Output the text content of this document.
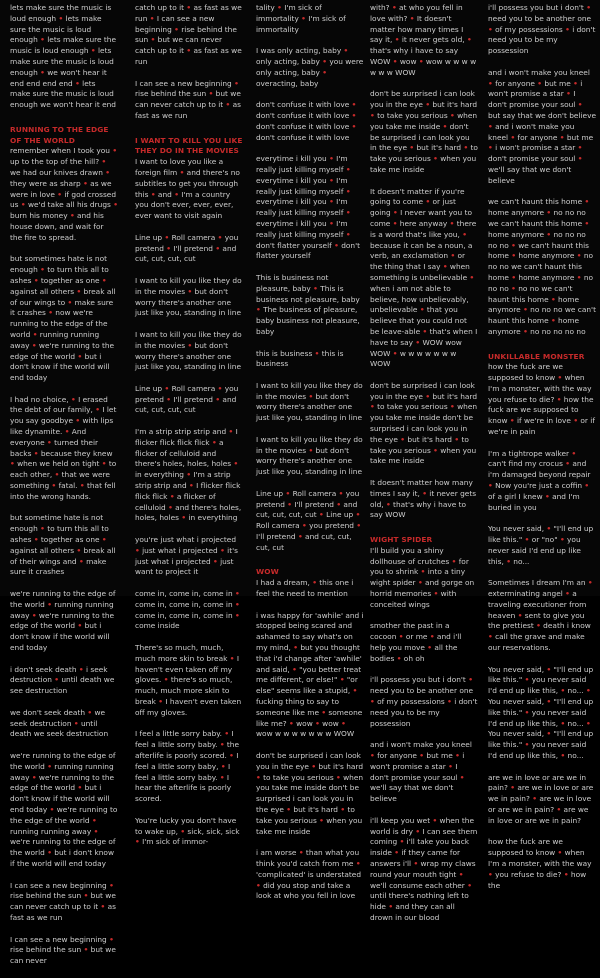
lets make sure the music is loud enough • lets make sure the music is loud enough • lets make sure the music is loud enough • lets make sure the music is loud enough • we won't hear it end end end end • lets make sure the music is loud enough we won't hear it end

RUNNING TO THE EDGE OF THE WORLD
remember when I took you • up to the top of the hill? • we had our knives drawn • they were as sharp • as we were in love • if god crossed us • we'd take all his drugs • burn his money • and his house down, and wait for the fire to spread.

but sometimes hate is not enough • to turn this all to ashes • together as one • against all others • break all of our wings to • make sure it crashes • now we're running to the edge of the world • running running away • we're running to the edge of the world • but i don't know if the world will end today

I had no choice, • I erased the debt of our family, • I let you say goodbye • with lips like dynamite. • And everyone • turned their backs • because they knew • when we held on tight • to each other, • that we were something • fatal. • that fell into the wrong hands.

but sometime hate is not enough • to turn this all to ashes • together as one • against all others • break all of their wings and • make sure it crashes

we're running to the edge of the world • running running away • we're running to the edge of the world • but i don't know if the world will end today

i don't seek death • i seek destruction • until death we see destruction

we don't seek death • we seek destruction • until death we seek destruction

we're running to the edge of the world • running running away • we're running to the edge of the world • but i don't know if the world will end today • we're running to the edge of the world • running running away • we're running to the edge of the world • but i don't know if the world will end today

I can see a new beginning • rise behind the sun • but we can never catch up to it • as fast as we run

I can see a new beginning • rise behind the sun • but we can never

catch up to it • as fast as we run • I can see a new beginning • rise behind the sun • but we can never catch up to it • as fast as we run

I can see a new beginning • rise behind the sun • but we can never catch up to it • as fast as we run

I WANT TO KILL YOU LIKE THEY DO IN THE MOVIES
I want to love you like a foreign film • and there's no subtitles to get you through this • and • I'm a country you don't ever, ever, ever, ever want to visit again

Line up • Roll camera • you pretend • I'll pretend • and cut, cut, cut, cut

I want to kill you like they do in the movies • but don't worry there's another one just like you, standing in line

I want to kill you like they do in the movies • but don't worry there's another one just like you, standing in line

Line up • Roll camera • you pretend • I'll pretend • and cut, cut, cut, cut

I'm a strip strip strip and • I flicker flick flick flick • a flicker of celluloid and there's holes, holes, holes • in everything • I'm a strip strip strip and • I flicker flick flick flick • a flicker of celluloid • and there's holes, holes, holes • in everything

you're just what i projected • just what i projected • it's just what i projected • just want to project it

come in, come in, come in • come in, come in, come in • come in, come in, come in • come inside

There's so much, much, much more skin to break • I haven't even taken off my gloves. • there's so much, much, much more skin to break • I haven't even taken off my gloves.

I feel a little sorry baby. • I feel a little sorry baby. • the afterlife is poorly scored. • I feel a little sorry baby, • I feel a little sorry baby. • I hear the afterlife is poorly scored.

You're lucky you don't have to wake up, • sick, sick, sick • I'm sick of immor-

tality • I'm sick of immortality • I'm sick of immortality

I was only acting, baby • only acting, baby • you were only acting, baby • overacting, baby

don't confuse it with love • don't confuse it with love • don't confuse it with love • don't confuse it with love

everytime i kill you • I'm really just killing myself • everytime i kill you • I'm really just killing myself • everytime i kill you • I'm really just killing myself • everytime i kill you • I'm really just killing myself • don't flatter yourself • don't flatter yourself

This is business not pleasure, baby • This is business not pleasure, baby • The business of pleasure, baby business not pleasure, baby

this is business • this is business

I want to kill you like they do in the movies • but don't worry there's another one just like you, standing in line

I want to kill you like they do in the movies • but don't worry there's another one just like you, standing in line

Line up • Roll camera • you pretend • I'll pretend • and cut, cut, cut, cut • Line up • Roll camera • you pretend • I'll pretend • and cut, cut, cut, cut

WOW
I had a dream, • this one i feel the need to mention

i was happy for 'awhile' and i stopped being scared and ashamed to say what's on my mind, • but you thought that i'd change after 'awhile' and said, • "you better treat me different, or else!" • "or else" seems like a stupid, • fucking thing to say to someone like me • someone like me? • wow • wow • wow w w w w w w w WOW

don't be surprised i can look you in the eye • but it's hard • to take you serious • when you take me inside don't be surprised i can look you in the eye • but it's hard • to take you serious • when you take me inside

i am worse • than what you think you'd catch from me • 'complicated' is understated • did you stop and take a look at who you fell in love

with? • at who you fell in love with? • It doesn't matter how many times I say it, • it never gets old, • that's why i have to say WOW • wow • wow w w w w w w w WOW

don't be surprised i can look you in the eye • but it's hard • to take you serious • when you take me inside • don't be surprised i can look you in the eye • but it's hard • to take you serious • when you take me inside

It doesn't matter if you're going to come • or just going • I never want you to come • here anyway • there is a word that's like you, • because it can be a noun, a verb, an exclamation • or the thing that I say • when something is unbelievable • when i am not able to believe, how unbelievably, unbelievable • that you believe that you could not be leave-able • that's when I have to say • WOW wow WOW • w w w w w w w WOW

don't be surprised i can look you in the eye • but it's hard • to take you serious • when you take me inside don't be surprised i can look you in the eye • but it's hard • to take you serious • when you take me inside

It doesn't matter how many times I say it, • it never gets old, • that's why i have to say WOW

WIGHT SPIDER
I'll build you a shiny dollhouse of crutches • for you to shrink • into a tiny wight spider • and gorge on horrid memories • with conceited wings

smother the past in a cocoon • or me • and i'll help you move • all the bodies • oh oh

i'll possess you but i don't • need you to be another one • of my possessions • i don't need you to be my possession

and i won't make you kneel • for anyone • but me • i won't promise a star • I don't promise your soul • we'll say that we don't believe

i'll keep you wet • when the world is dry • I can see them coming • i'll take you back inside • if they came for answers i'll • wrap my claws round your mouth tight • we'll consume each other • until there's nothing left to hide • and they can all drown in our blood

i'll possess you but i don't • need you to be another one • of my possessions • i don't need you to be my possession

and i won't make you kneel • for anyone • but me • i won't promise a star • I don't promise your soul • but say that we don't believe • and i won't make you kneel • for anyone • but me • i won't promise a star • don't promise your soul • we'll say that we don't believe

we can't haunt this home • home anymore • no no no we can't haunt this home • home anymore • no no no no no • we can't haunt this home • home anymore • no no no we can't haunt this home • home anymore • no no no • no no we can't haunt this home • home anymore • no no no we can't haunt this home • home anymore • no no no no no

UNKILLABLE MONSTER
how the fuck are we supposed to know • when I'm a monster, with the way you refuse to die? • how the fuck are we supposed to know • if we're in love • or if we're in pain

I'm a tightrope walker • can't find my crocus • and i'm damaged beyond repair • Now you're just a coffin • of a girl I knew • and I'm buried in you

You never said, • "I'll end up like this." • or "no" • you never said I'd end up like this, • no...

Sometimes I dream I'm an • exterminating angel • a traveling executioner from heaven • sent to give you the prettiest • death i know • call the grave and make our reservations.

You never said, • "I'll end up like this." • you never said I'd end up like this, • no... • You never said, • "I'll end up like this." • you never said I'd end up like this, • no... • You never said, • "I'll end up like this." • you never said I'd end up like this, • no...

are we in love or are we in pain? • are we in love or are we in pain? • are we in love or are we in pain? • are we in love or are we in pain?

how the fuck are we supposed to know • when I'm a monster, with the way • you refuse to die? • how the
